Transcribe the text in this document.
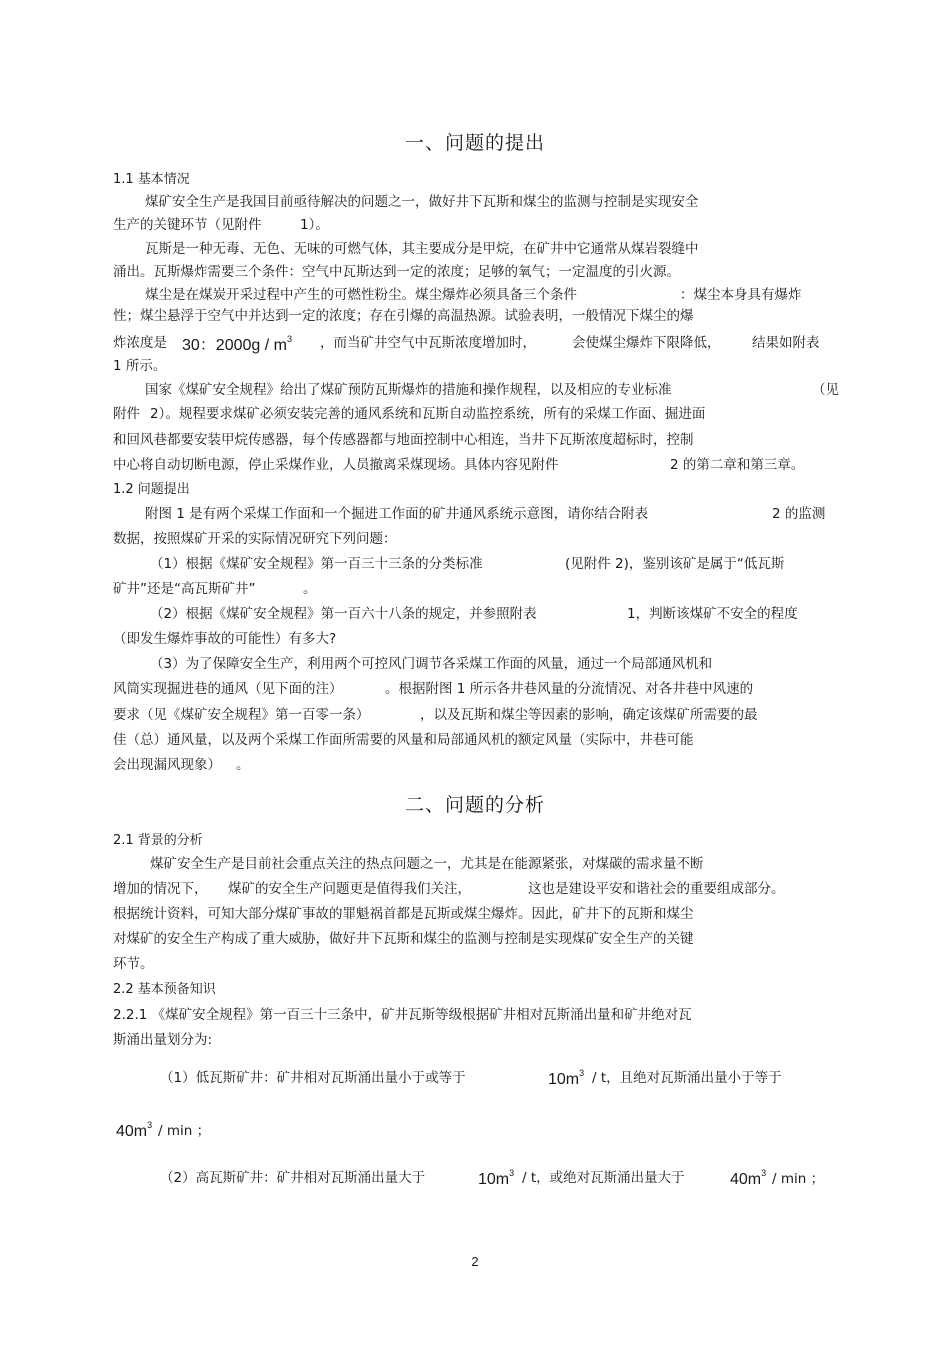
一、问题的提出
1.1 基本情况
煤矿安全生产是我国目前亟待解决的问题之一，做好井下瓦斯和煤尘的监测与控制是实现安全
生产的关键环节（见附件	1）。
瓦斯是一种无毒、无色、无味的可燃气体，其主要成分是甲烷，在矿井中它通常从煤岩裂缝中
涌出。瓦斯爆炸需要三个条件：空气中瓦斯达到一定的浓度；足够的氧气；一定温度的引火源。
煤尘是在煤炭开采过程中产生的可燃性粉尘。煤尘爆炸必须具备三个条件	：煤尘本身具有爆炸
性；煤尘悬浮于空气中并达到一定的浓度；存在引爆的高温热源。试验表明，一般情况下煤尘的爆
炸浓度是 30：$2000g / m^3$ ，而当矿井空气中瓦斯浓度增加时，	会使煤尘爆炸下限降低， 结果如附表
1 所示。
国家《煤矿安全规程》给出了煤矿预防瓦斯爆炸的措施和操作规程，以及相应的专业标准	（见
附件 2）。规程要求煤矿必须安装完善的通风系统和瓦斯自动监控系统，所有的采煤工作面、掘进面
和回风巷都要安装甲烷传感器，每个传感器都与地面控制中心相连，当井下瓦斯浓度超标时，控制
中心将自动切断电源，停止采煤作业，人员撤离采煤现场。具体内容见附件	2 的第二章和第三章。
1.2 问题提出
附图 1 是有两个采煤工作面和一个掘进工作面的矿井通风系统示意图，请你结合附表	2 的监测
数据，按照煤矿开采的实际情况研究下列问题：
（1）根据《煤矿安全规程》第一百三十三条的分类标准	(见附件 2)，鉴别该矿是属于“低瓦斯
矿井”还是“高瓦斯矿井”	。
（2）根据《煤矿安全规程》第一百六十八条的规定，并参照附表	1，判断该煤矿不安全的程度
（即发生爆炸事故的可能性）有多大?
（3）为了保障安全生产，利用两个可控风门调节各采煤工作面的风量，通过一个局部通风机和
风筒实现掘进巷的通风（见下面的注）	。根据附图 1 所示各井巷风量的分流情况、对各井巷中风速的
要求（见《煤矿安全规程》第一百零一条）	，以及瓦斯和煤尘等因素的影响，确定该煤矿所需要的最
佳（总）通风量，以及两个采煤工作面所需要的风量和局部通风机的额定风量（实际中，井巷可能
会出现漏风现象） 。
二、问题的分析
2.1 背景的分析
煤矿安全生产是目前社会重点关注的热点问题之一，尤其是在能源紧张，对煤碳的需求量不断
增加的情况下， 煤矿的安全生产问题更是值得我们关注，	这也是建设平安和谐社会的重要组成部分。
根据统计资料，可知大部分煤矿事故的罪魁祸首都是瓦斯或煤尘爆炸。因此，矿井下的瓦斯和煤尘
对煤矿的安全生产构成了重大威胁，做好井下瓦斯和煤尘的监测与控制是实现煤矿安全生产的关键
环节。
2.2 基本预备知识
2.2.1 《煤矿安全规程》第一百三十三条中，矿井瓦斯等级根据矿井相对瓦斯涌出量和矿井绝对瓦
斯涌出量划分为:
（1）低瓦斯矿井：矿井相对瓦斯涌出量小于或等于	$10m^3$ / t，且绝对瓦斯涌出量小于等于
$40m^3$ / min ；
（2）高瓦斯矿井：矿井相对瓦斯涌出量大于	$10m^3$ / t，或绝对瓦斯涌出量大于	$40m^3$ / min ；
2
